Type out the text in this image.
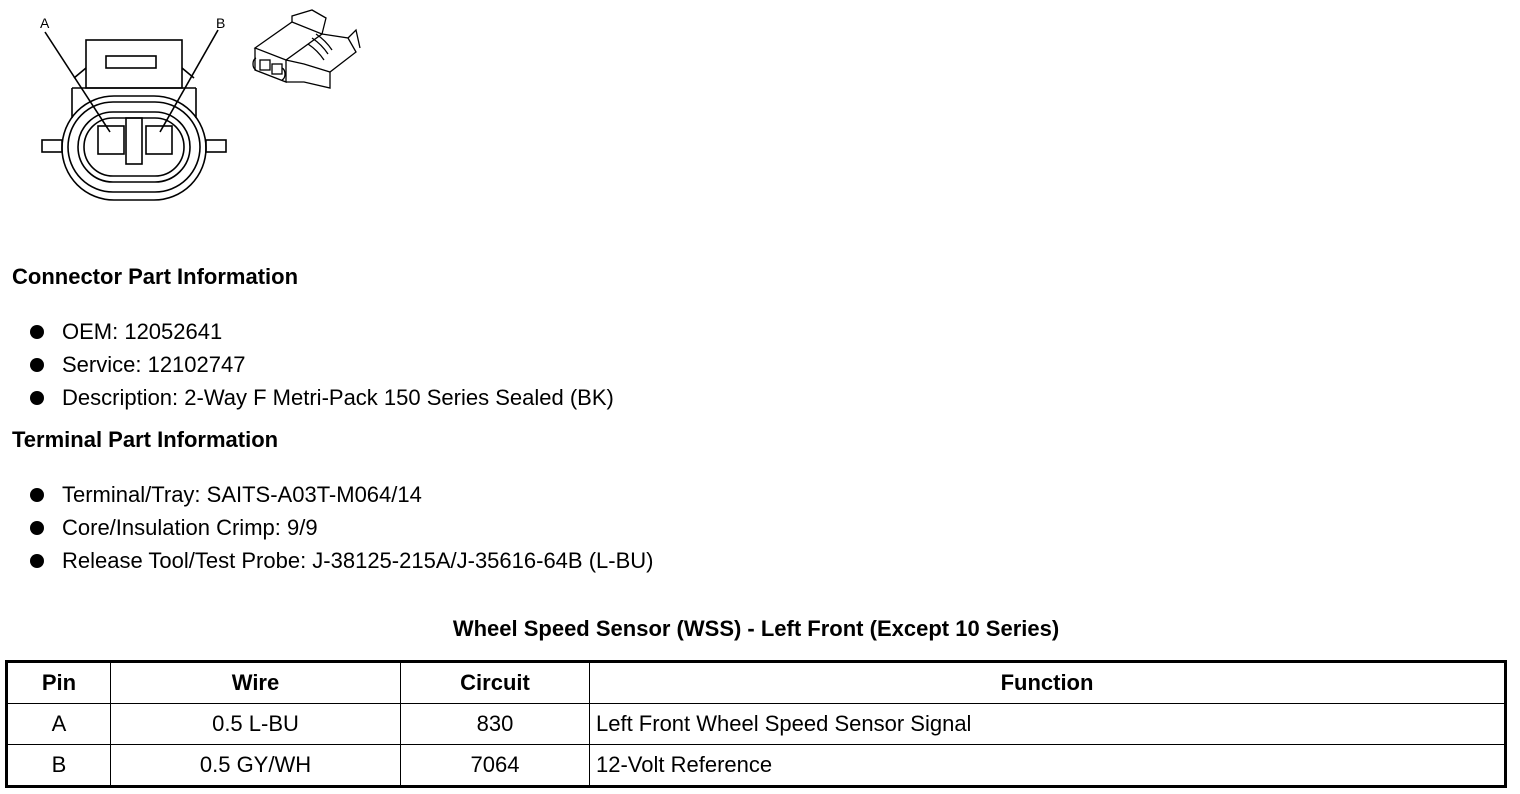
A	B
Connector Part Information
OEM: 12052641
Service: 12102747
Description: 2-Way F Metri-Pack 150 Series Sealed (BK)
Terminal Part Information
Terminal/Tray: SAITS-A03T-M064/14
Core/Insulation Crimp: 9/9
Release Tool/Test Probe: J-38125-215A/J-35616-64B (L-BU)
Wheel Speed Sensor (WSS) - Left Front (Except 10 Series)
Pin	Wire	Circuit	Function
A	0.5 L-BU	830	Left Front Wheel Speed Sensor Signal
B	0.5 GY/WH	7064	12-Volt Reference
